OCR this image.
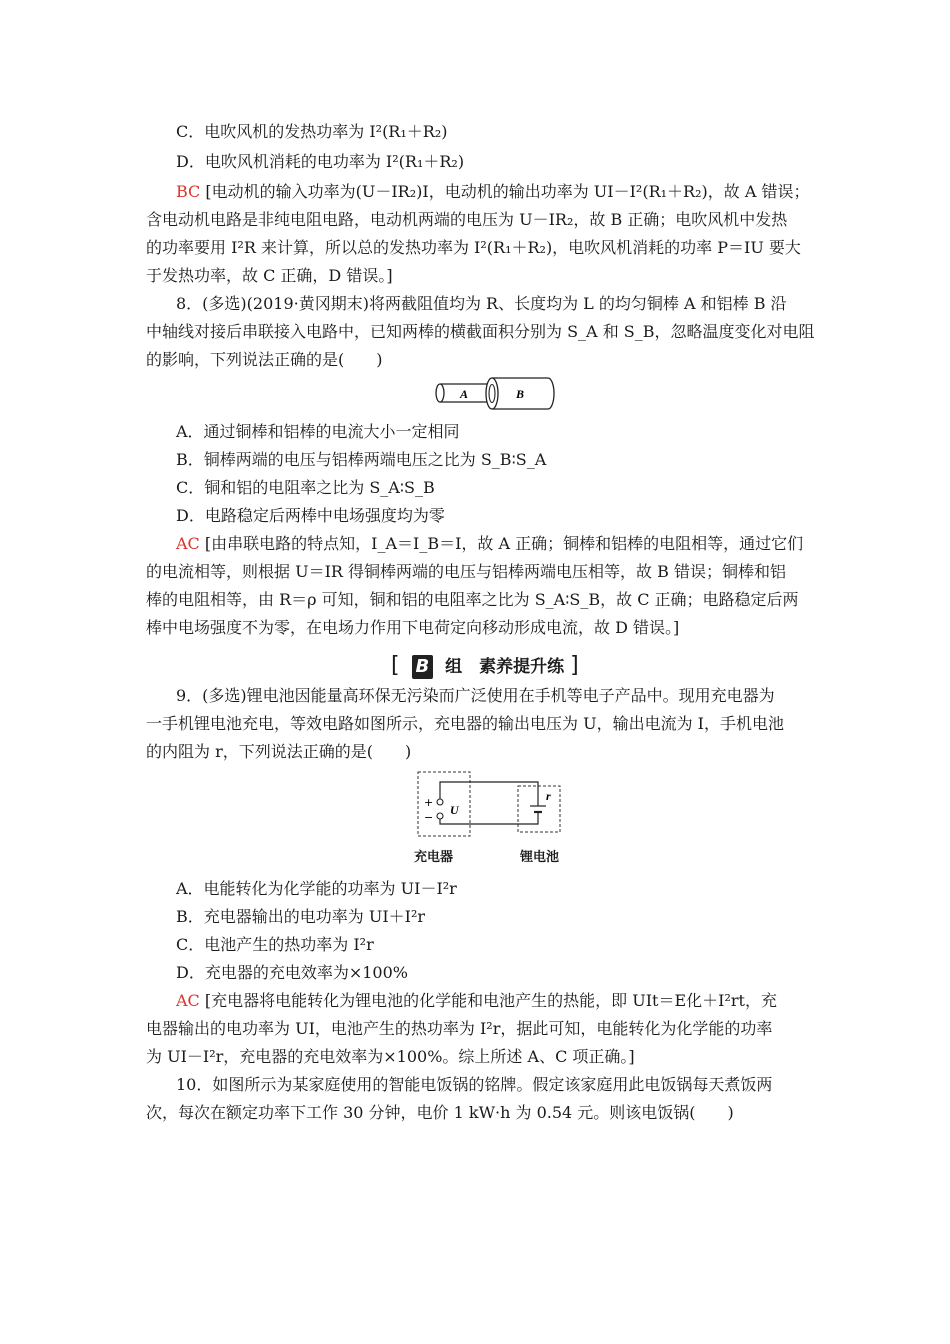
C．电吹风机的发热功率为 I²(R₁＋R₂)
D．电吹风机消耗的电功率为 I²(R₁＋R₂)
BC [电动机的输入功率为(U－IR₂)I，电动机的输出功率为 UI－I²(R₁＋R₂)，故 A 错误；
含电动机电路是非纯电阻电路，电动机两端的电压为 U－IR₂，故 B 正确；电吹风机中发热
的功率要用 I²R 来计算，所以总的发热功率为 I²(R₁＋R₂)，电吹风机消耗的功率 P＝IU 要大
于发热功率，故 C 正确，D 错误。]
8．(多选)(2019·黄冈期末)将两截阻值均为 R、长度均为 L 的均匀铜棒 A 和铝棒 B 沿
中轴线对接后串联接入电路中，已知两棒的横截面积分别为 S_A 和 S_B，忽略温度变化对电阻
的影响，下列说法正确的是(　　)
A	B
A．通过铜棒和铝棒的电流大小一定相同
B．铜棒两端的电压与铝棒两端电压之比为 S_B∶S_A
C．铜和铝的电阻率之比为 S_A∶S_B
D．电路稳定后两棒中电场强度均为零
AC [由串联电路的特点知，I_A＝I_B＝I，故 A 正确；铜棒和铝棒的电阻相等，通过它们
的电流相等，则根据 U＝IR 得铜棒两端的电压与铝棒两端电压相等，故 B 错误；铜棒和铝
棒的电阻相等，由 R＝ρ 可知，铜和铝的电阻率之比为 S_A∶S_B，故 C 正确；电路稳定后两
棒中电场强度不为零，在电场力作用下电荷定向移动形成电流，故 D 错误。]
[ B 组　素养提升练 ]
9．(多选)锂电池因能量高环保无污染而广泛使用在手机等电子产品中。现用充电器为
一手机锂电池充电，等效电路如图所示，充电器的输出电压为 U，输出电流为 I，手机电池
的内阻为 r，下列说法正确的是(　　)
+
−
U
r
充电器	锂电池
A．电能转化为化学能的功率为 UI－I²r
B．充电器输出的电功率为 UI＋I²r
C．电池产生的热功率为 I²r
D．充电器的充电效率为×100%
AC [充电器将电能转化为锂电池的化学能和电池产生的热能，即 UIt＝E化＋I²rt，充
电器输出的电功率为 UI，电池产生的热功率为 I²r，据此可知，电能转化为化学能的功率
为 UI－I²r，充电器的充电效率为×100%。综上所述 A、C 项正确。]
10．如图所示为某家庭使用的智能电饭锅的铭牌。假定该家庭用此电饭锅每天煮饭两
次，每次在额定功率下工作 30 分钟，电价 1 kW·h 为 0.54 元。则该电饭锅(　　)
